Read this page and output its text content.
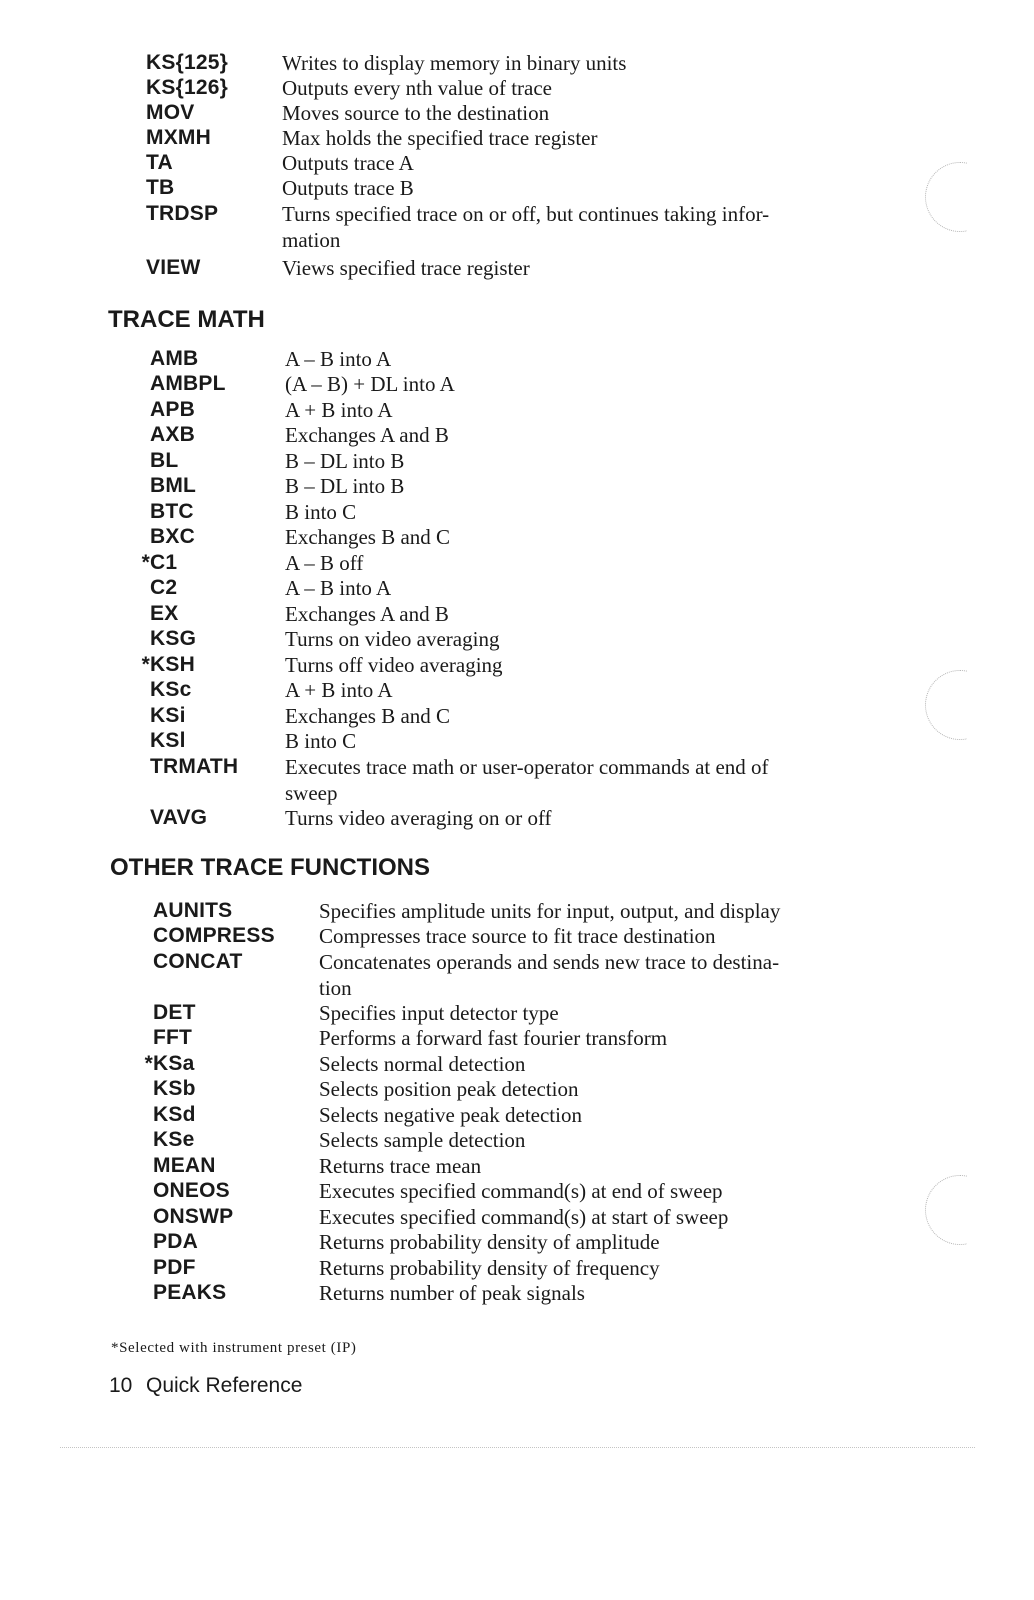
KS{125}	Writes to display memory in binary units
KS{126}	Outputs every nth value of trace
MOV	Moves source to the destination
MXMH	Max holds the specified trace register
TA	Outputs trace A
TB	Outputs trace B
TRDSP	Turns specified trace on or off, but continues taking infor-
mation
VIEW	Views specified trace register
TRACE MATH
AMB	A – B into A
AMBPL	(A – B) + DL into A
APB	A + B into A
AXB	Exchanges A and B
BL	B – DL into B
BML	B – DL into B
BTC	B into C
BXC	Exchanges B and C
* C1	A – B off
C2	A – B into A
EX	Exchanges A and B
KSG	Turns on video averaging
* KSH	Turns off video averaging
KSc	A + B into A
KSi	Exchanges B and C
KSl	B into C
TRMATH Executes trace math or user-operator commands at end of
sweep
VAVG	Turns video averaging on or off
OTHER TRACE FUNCTIONS
AUNITS	Specifies amplitude units for input, output, and display
COMPRESS Compresses trace source to fit trace destination
CONCAT	Concatenates operands and sends new trace to destina-
tion
DET	Specifies input detector type
FFT	Performs a forward fast fourier transform
* KSa	Selects normal detection
KSb	Selects position peak detection
KSd	Selects negative peak detection
KSe	Selects sample detection
MEAN	Returns trace mean
ONEOS	Executes specified command(s) at end of sweep
ONSWP	Executes specified command(s) at start of sweep
PDA	Returns probability density of amplitude
PDF	Returns probability density of frequency
PEAKS	Returns number of peak signals
*Selected with instrument preset (IP)
10 Quick Reference
